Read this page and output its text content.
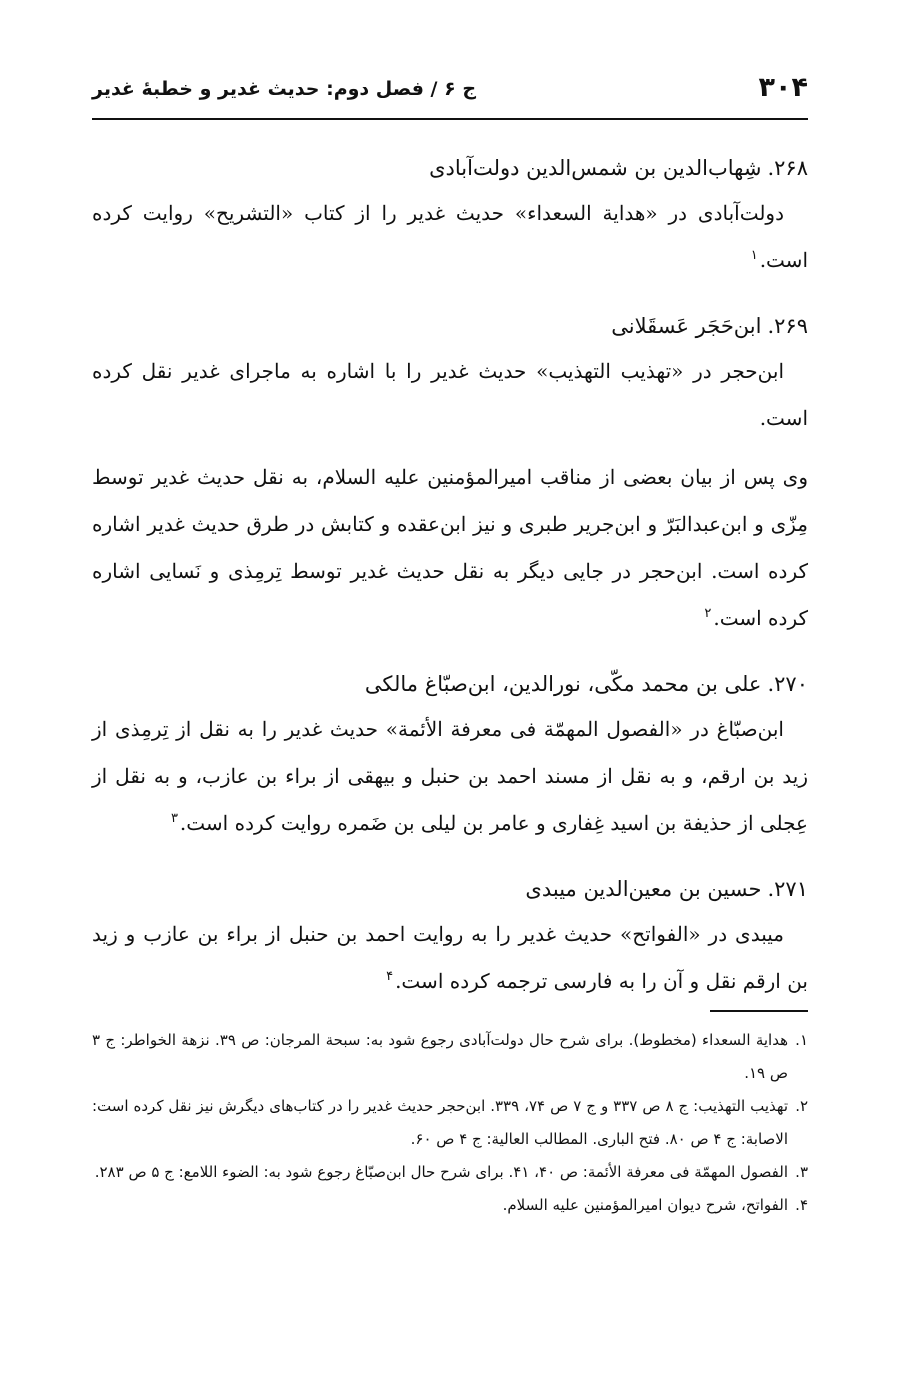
۳۰۴
ج ۶ / فصل دوم: حدیث غدیر و خطبهٔ غدیر
۲۶۸.شِهاب‌الدین بن شمس‌الدین دولت‌آبادی

دولت‌آبادی در «هدایة السعداء» حدیث غدیر را از کتاب «التشریح» روایت کرده است.$^۱$

۲۶۹.ابن‌حَجَر عَسقَلانی

ابن‌حجر در «تهذیب التهذیب» حدیث غدیر را با اشاره به ماجرای غدیر نقل کرده است.

وی پس از بیان بعضی از مناقب امیرالمؤمنین علیه السلام، به نقل حدیث غدیر توسط مِزّی و ابن‌عبدالبَرّ و ابن‌جریر طبری و نیز ابن‌عقده و کتابش در طرق حدیث غدیر اشاره کرده است. ابن‌حجر در جایی دیگر به نقل حدیث غدیر توسط تِرمِذی و نَسایی اشاره کرده است.$^۲$

۲۷۰.علی بن محمد مکّی، نورالدین، ابن‌صبّاغ مالکی

ابن‌صبّاغ در «الفصول المهمّة فی معرفة الأئمة» حدیث غدیر را به نقل از تِرمِذی از زید بن ارقم، و به نقل از مسند احمد بن حنبل و بیهقی از براء بن عازب، و به نقل از عِجلی از حذیفة بن اسید غِفاری و عامر بن لیلی بن ضَمره روایت کرده است.$^۳$

۲۷۱.حسین بن معین‌الدین میبدی

میبدی در «الفواتح» حدیث غدیر را به روایت احمد بن حنبل از براء بن عازب و زید بن ارقم نقل و آن را به فارسی ترجمه کرده است.$^۴$

۱.هدایة السعداء (مخطوط). برای شرح حال دولت‌آبادی رجوع شود به: سبحة المرجان: ص ۳۹. نزهة الخواطر: ج ۳ ص ۱۹.
۲.تهذیب التهذیب: ج ۸ ص ۳۳۷ و ج ۷ ص ۷۴، ۳۳۹. ابن‌حجر حدیث غدیر را در کتاب‌های دیگرش نیز نقل کرده است: الاصابة: ج ۴ ص ۸۰. فتح الباری. المطالب العالیة: ج ۴ ص ۶۰.
۳.الفصول المهمّة فی معرفة الأئمة: ص ۴۰، ۴۱. برای شرح حال ابن‌صبّاغ رجوع شود به: الضوء اللامع: ج ۵ ص ۲۸۳.
۴.الفواتح، شرح دیوان امیرالمؤمنین علیه السلام.
